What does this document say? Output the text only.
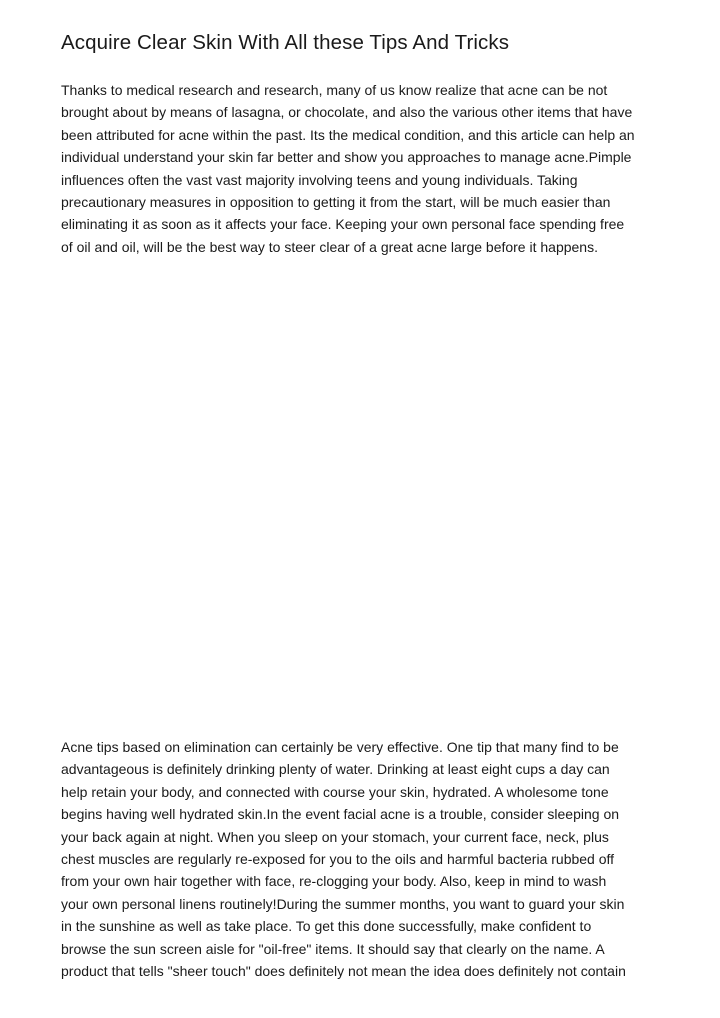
Acquire Clear Skin With All these Tips And Tricks

Thanks to medical research and research, many of us know realize that acne can be not
brought about by means of lasagna, or chocolate, and also the various other items that have
been attributed for acne within the past. Its the medical condition, and this article can help an
individual understand your skin far better and show you approaches to manage acne.Pimple
influences often the vast vast majority involving teens and young individuals. Taking
precautionary measures in opposition to getting it from the start, will be much easier than
eliminating it as soon as it affects your face. Keeping your own personal face spending free
of oil and oil, will be the best way to steer clear of a great acne large before it happens.

Acne tips based on elimination can certainly be very effective. One tip that many find to be
advantageous is definitely drinking plenty of water. Drinking at least eight cups a day can
help retain your body, and connected with course your skin, hydrated. A wholesome tone
begins having well hydrated skin.In the event facial acne is a trouble, consider sleeping on
your back again at night. When you sleep on your stomach, your current face, neck, plus
chest muscles are regularly re-exposed for you to the oils and harmful bacteria rubbed off
from your own hair together with face, re-clogging your body. Also, keep in mind to wash
your own personal linens routinely!During the summer months, you want to guard your skin
in the sunshine as well as take place. To get this done successfully, make confident to
browse the sun screen aisle for "oil-free" items. It should say that clearly on the name. A
product that tells "sheer touch" does definitely not mean the idea does definitely not contain
